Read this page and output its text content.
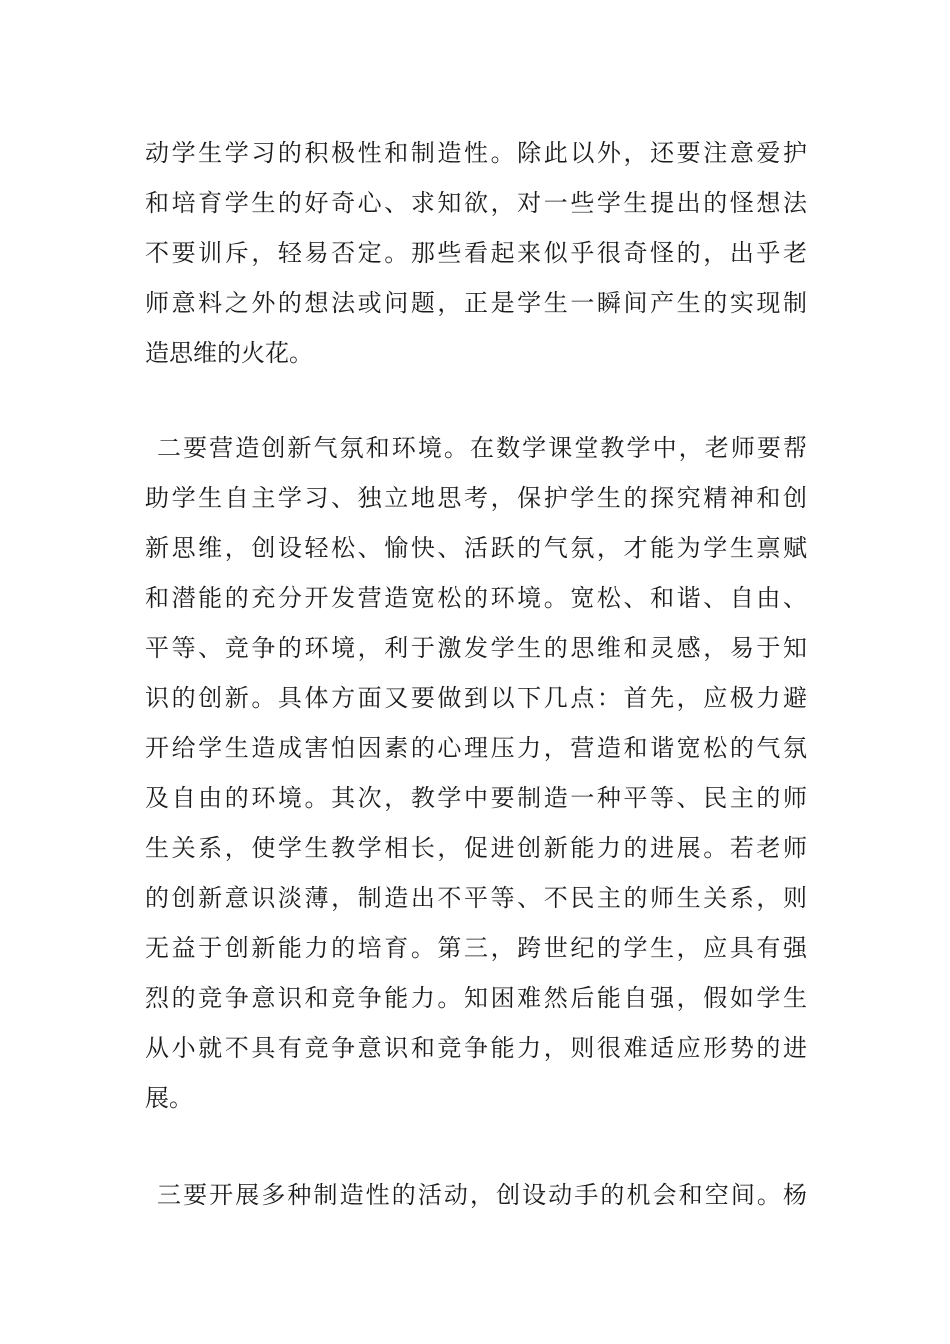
动学生学习的积极性和制造性。除此以外，还要注意爱护
和培育学生的好奇心、求知欲，对一些学生提出的怪想法
不要训斥，轻易否定。那些看起来似乎很奇怪的，出乎老
师意料之外的想法或问题，正是学生一瞬间产生的实现制
造思维的火花。
二要营造创新气氛和环境。在数学课堂教学中，老师要帮
助学生自主学习、独立地思考，保护学生的探究精神和创
新思维，创设轻松、愉快、活跃的气氛，才能为学生禀赋
和潜能的充分开发营造宽松的环境。宽松、和谐、自由、
平等、竞争的环境，利于激发学生的思维和灵感，易于知
识的创新。具体方面又要做到以下几点：首先，应极力避
开给学生造成害怕因素的心理压力，营造和谐宽松的气氛
及自由的环境。其次，教学中要制造一种平等、民主的师
生关系，使学生教学相长，促进创新能力的进展。若老师
的创新意识淡薄，制造出不平等、不民主的师生关系，则
无益于创新能力的培育。第三，跨世纪的学生，应具有强
烈的竞争意识和竞争能力。知困难然后能自强，假如学生
从小就不具有竞争意识和竞争能力，则很难适应形势的进
展。
三要开展多种制造性的活动，创设动手的机会和空间。杨
